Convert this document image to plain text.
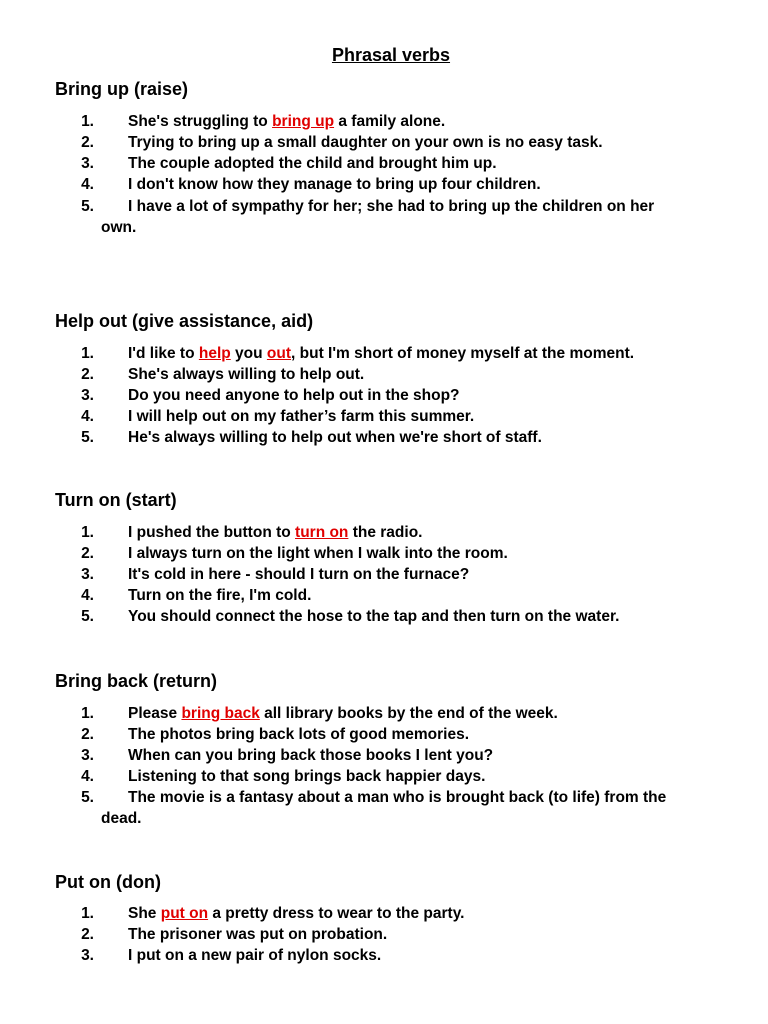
Phrasal verbs
Bring up (raise)
1. She's struggling to bring up a family alone.
2. Trying to bring up a small daughter on your own is no easy task.
3. The couple adopted the child and brought him up.
4. I don't know how they manage to bring up four children.
5. I have a lot of sympathy for her; she had to bring up the children on her
own.
Help out (give assistance, aid)
1. I'd like to help you out, but I'm short of money myself at the moment.
2. She's always willing to help out.
3. Do you need anyone to help out in the shop?
4. I will help out on my father’s farm this summer.
5. He's always willing to help out when we're short of staff.
Turn on (start)
1. I pushed the button to turn on the radio.
2. I always turn on the light when I walk into the room.
3. It's cold in here - should I turn on the furnace?
4. Turn on the fire, I'm cold.
5. You should connect the hose to the tap and then turn on the water.
Bring back (return)
1. Please bring back all library books by the end of the week.
2. The photos bring back lots of good memories.
3. When can you bring back those books I lent you?
4. Listening to that song brings back happier days.
5. The movie is a fantasy about a man who is brought back (to life) from the
dead.
Put on (don)
1. She put on a pretty dress to wear to the party.
2. The prisoner was put on probation.
3. I put on a new pair of nylon socks.
